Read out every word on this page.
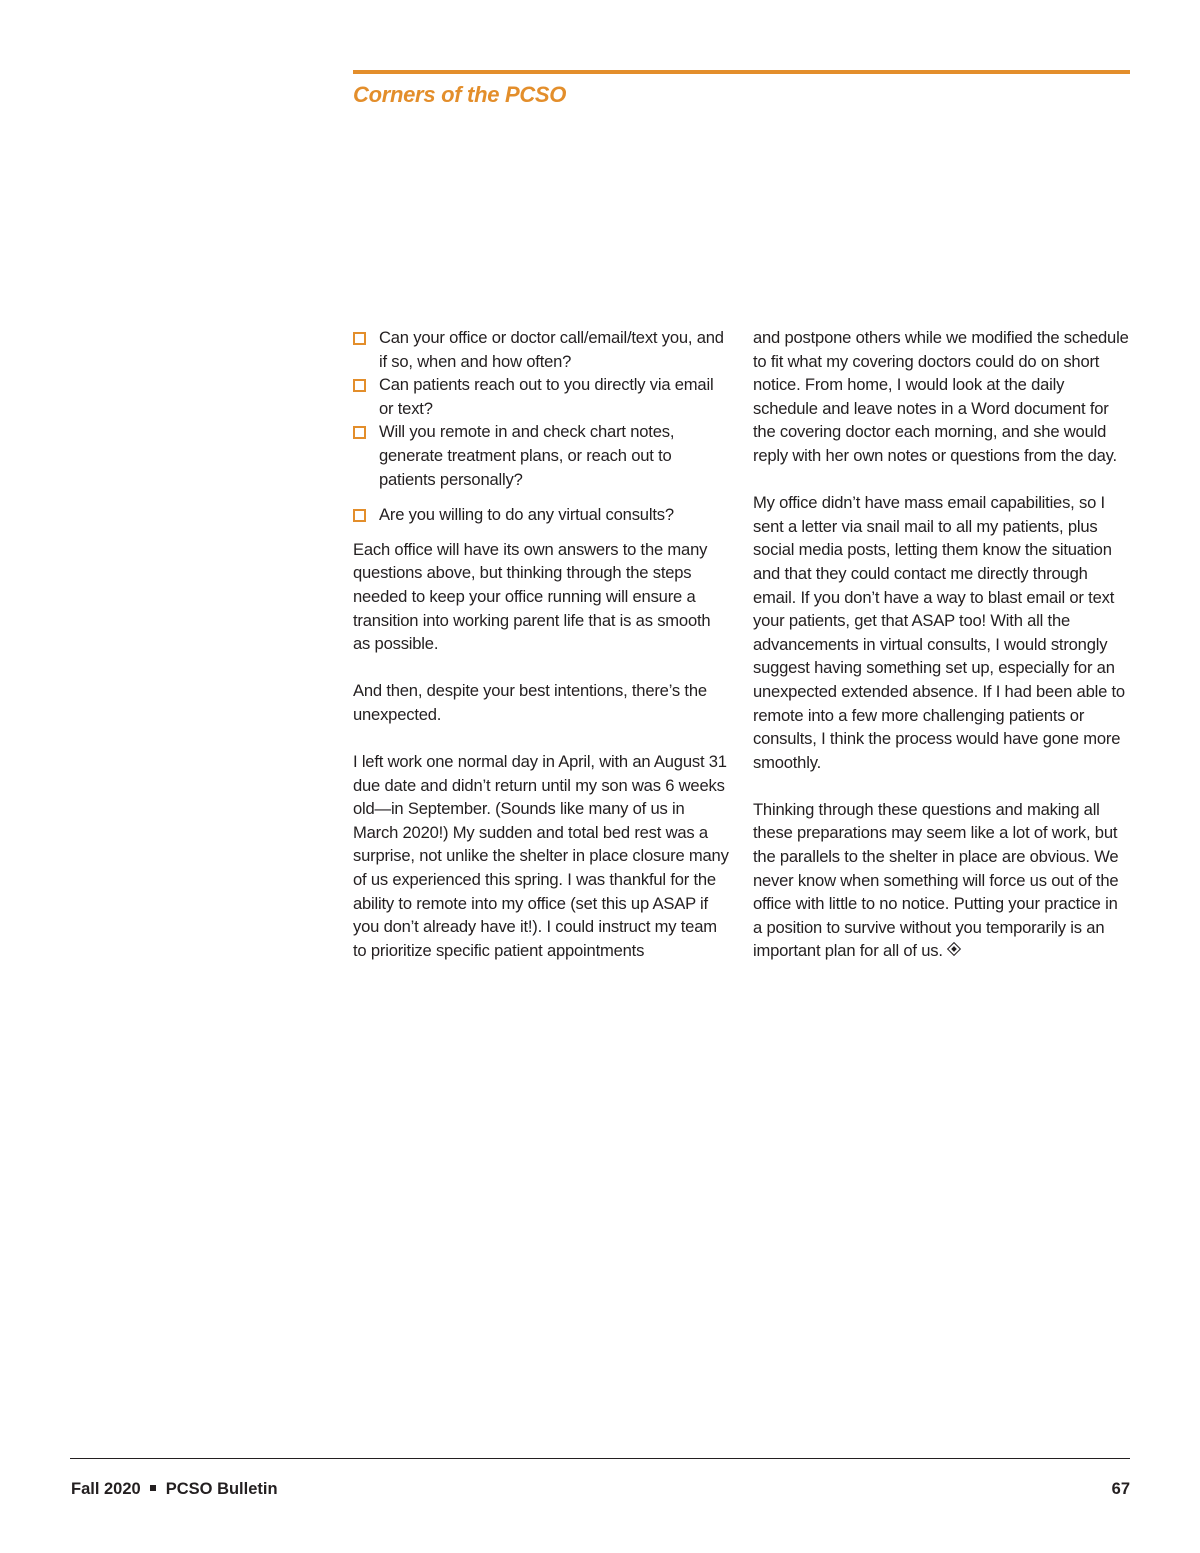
Corners of the PCSO
Can your office or doctor call/email/text you, and if so, when and how often?
Can patients reach out to you directly via email or text?
Will you remote in and check chart notes, generate treatment plans, or reach out to patients personally?
Are you willing to do any virtual consults?

Each office will have its own answers to the many questions above, but thinking through the steps needed to keep your office running will ensure a transition into working parent life that is as smooth as possible.

And then, despite your best intentions, there’s the unexpected.

I left work one normal day in April, with an August 31 due date and didn’t return until my son was 6 weeks old—in September. (Sounds like many of us in March 2020!) My sudden and total bed rest was a surprise, not unlike the shelter in place closure many of us experienced this spring. I was thankful for the ability to remote into my office (set this up ASAP if you don’t already have it!). I could instruct my team to prioritize specific patient appointments

and postpone others while we modified the schedule to fit what my covering doctors could do on short notice. From home, I would look at the daily schedule and leave notes in a Word document for the covering doctor each morning, and she would reply with her own notes or questions from the day.

My office didn’t have mass email capabilities, so I sent a letter via snail mail to all my patients, plus social media posts, letting them know the situation and that they could contact me directly through email. If you don’t have a way to blast email or text your patients, get that ASAP too! With all the advancements in virtual consults, I would strongly suggest having something set up, especially for an unexpected extended absence. If I had been able to remote into a few more challenging patients or consults, I think the process would have gone more smoothly.

Thinking through these questions and making all these preparations may seem like a lot of work, but the parallels to the shelter in place are obvious. We never know when something will force us out of the office with little to no notice. Putting your practice in a position to survive without you temporarily is an important plan for all of us.

Fall 2020 PCSO Bulletin	67
